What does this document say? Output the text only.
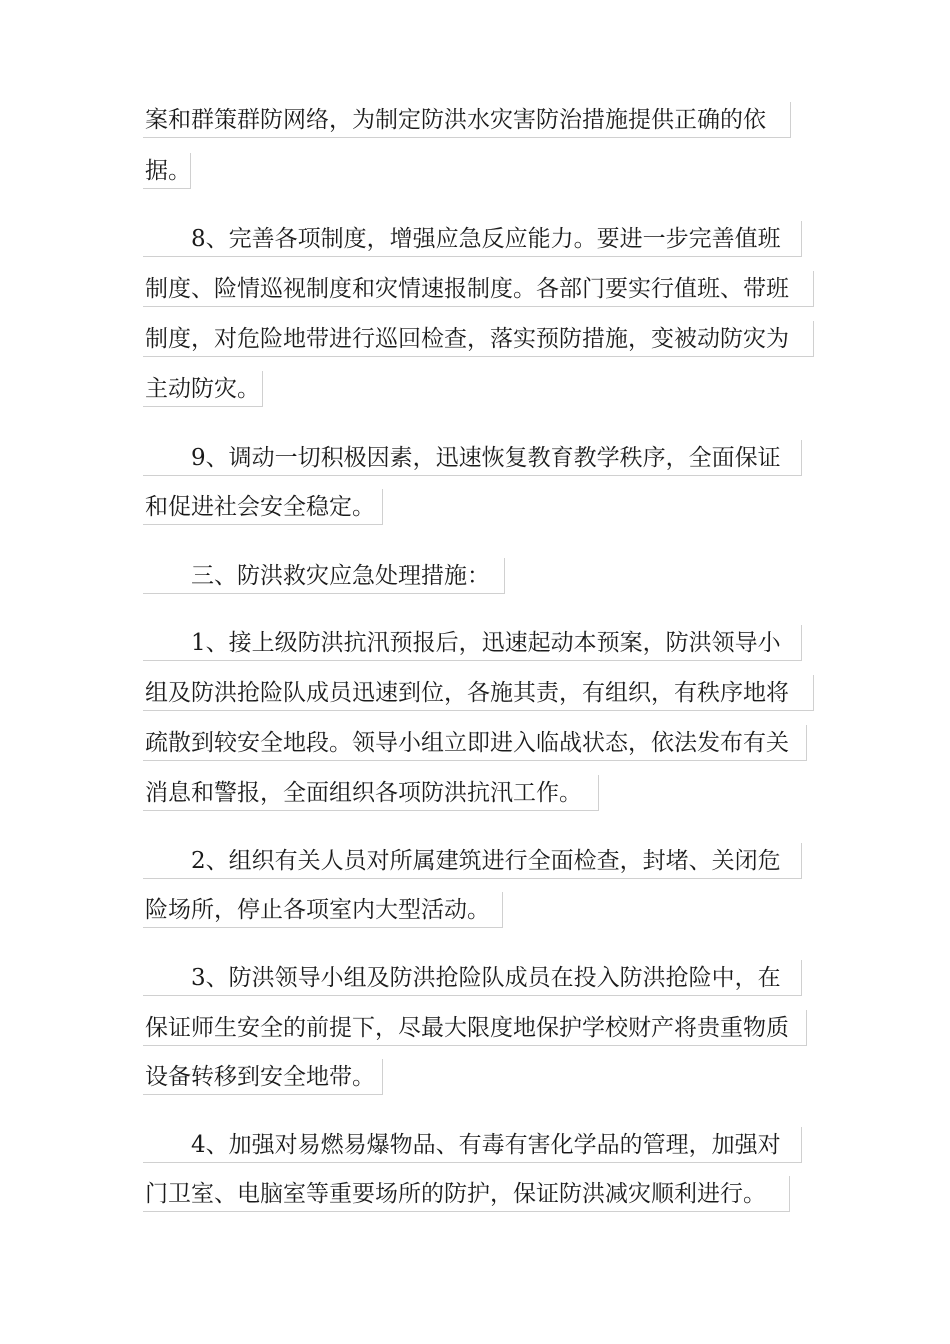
案和群策群防网络，为制定防洪水灾害防治措施提供正确的依
据。
8、完善各项制度，增强应急反应能力。要进一步完善值班
制度、险情巡视制度和灾情速报制度。各部门要实行值班、带班
制度，对危险地带进行巡回检查，落实预防措施，变被动防灾为
主动防灾。
9、调动一切积极因素，迅速恢复教育教学秩序，全面保证
和促进社会安全稳定。
三、防洪救灾应急处理措施：
1、接上级防洪抗汛预报后，迅速起动本预案，防洪领导小
组及防洪抢险队成员迅速到位，各施其责，有组织，有秩序地将
疏散到较安全地段。领导小组立即进入临战状态，依法发布有关
消息和警报，全面组织各项防洪抗汛工作。
2、组织有关人员对所属建筑进行全面检查，封堵、关闭危
险场所，停止各项室内大型活动。
3、防洪领导小组及防洪抢险队成员在投入防洪抢险中，在
保证师生安全的前提下，尽最大限度地保护学校财产将贵重物质
设备转移到安全地带。
4、加强对易燃易爆物品、有毒有害化学品的管理，加强对
门卫室、电脑室等重要场所的防护，保证防洪减灾顺利进行。
